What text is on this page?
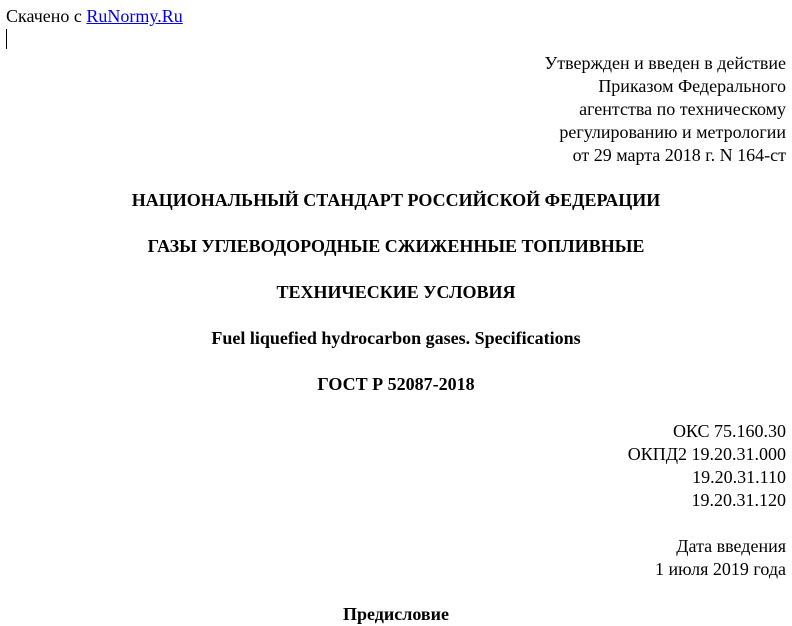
Скачено с RuNormy.Ru
Утвержден и введен в действие
Приказом Федерального
агентства по техническому
регулированию и метрологии
от 29 марта 2018 г. N 164-ст
НАЦИОНАЛЬНЫЙ СТАНДАРТ РОССИЙСКОЙ ФЕДЕРАЦИИ
ГАЗЫ УГЛЕВОДОРОДНЫЕ СЖИЖЕННЫЕ ТОПЛИВНЫЕ
ТЕХНИЧЕСКИЕ УСЛОВИЯ
Fuel liquefied hydrocarbon gases. Specifications
ГОСТ Р 52087-2018
ОКС 75.160.30
ОКПД2 19.20.31.000
19.20.31.110
19.20.31.120
Дата введения
1 июля 2019 года
Предисловие
